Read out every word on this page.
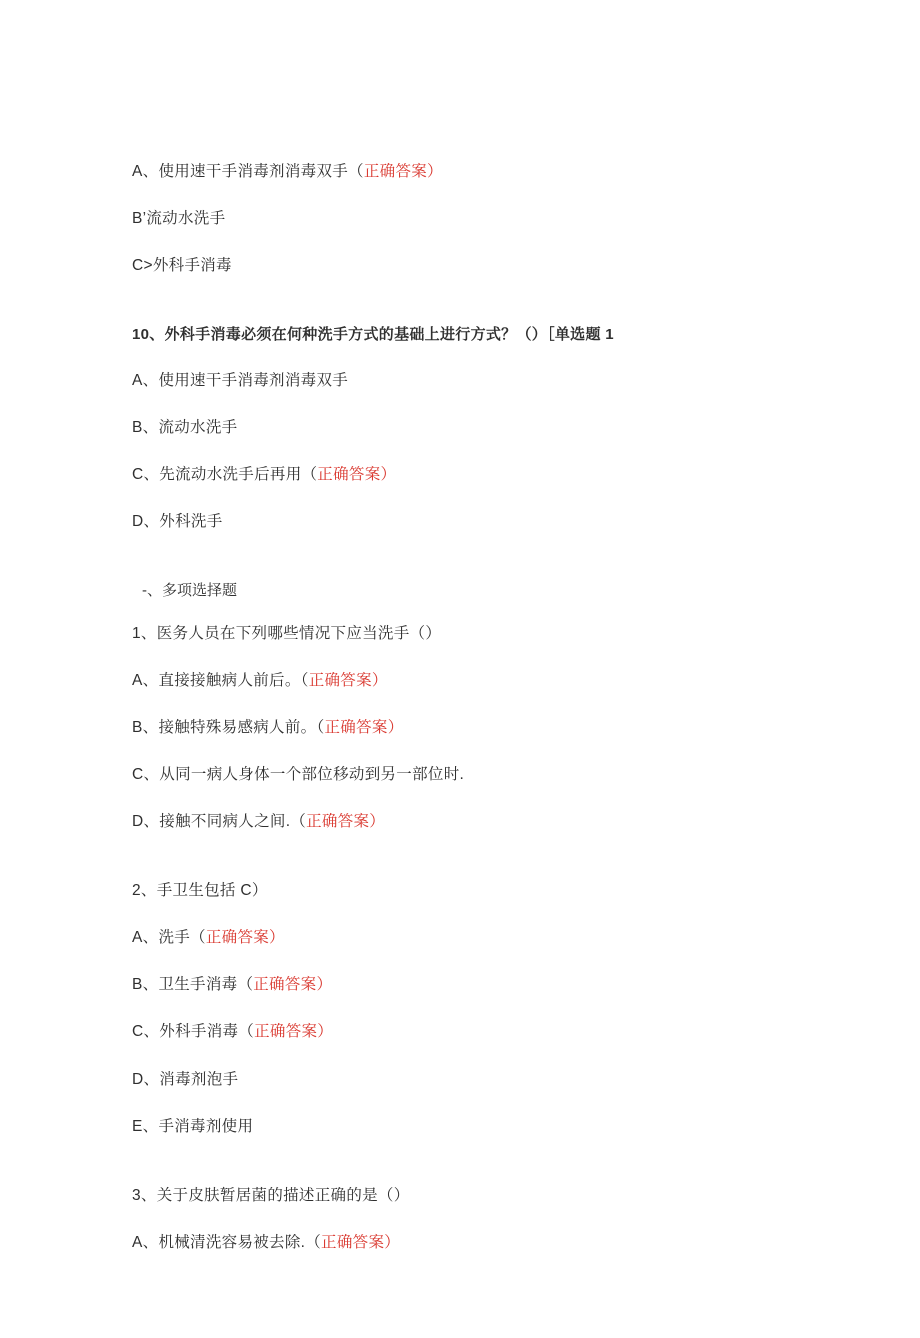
A、使用速干手消毒剂消毒双手（正确答案）
B’流动水洗手
C>外科手消毒
10、外科手消毒必须在何种洗手方式的基础上进行方式？（）［单选题 1
A、使用速干手消毒剂消毒双手
B、流动水洗手
C、先流动水洗手后再用（正确答案）
D、外科洗手
-、多项选择题
1、医务人员在下列哪些情况下应当洗手（）
A、直接接触病人前后。（正确答案）
B、接触特殊易感病人前。（正确答案）
C、从同一病人身体一个部位移动到另一部位时.
D、接触不同病人之间.（正确答案）
2、手卫生包括 C）
A、洗手（正确答案）
B、卫生手消毒（正确答案）
C、外科手消毒（正确答案）
D、消毒剂泡手
E、手消毒剂使用
3、关于皮肤暂居菌的描述正确的是（）
A、机械清洗容易被去除.（正确答案）
